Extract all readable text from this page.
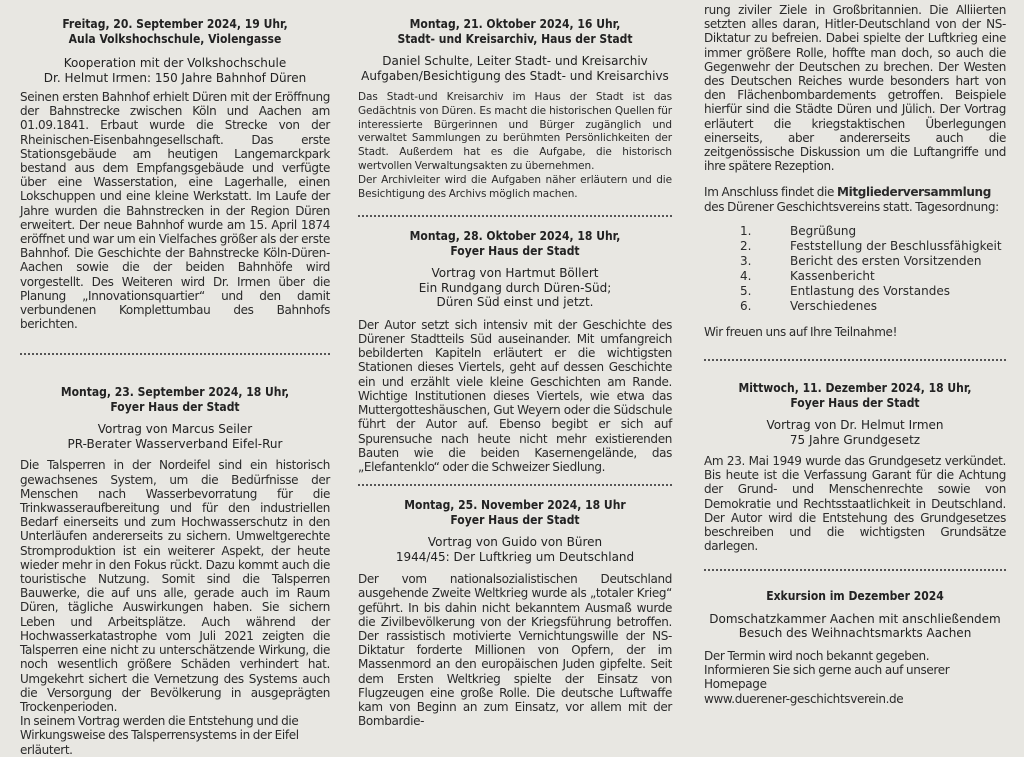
Freitag, 20. September 2024, 19 Uhr,
Aula Volkshochschule, Violengasse
Kooperation mit der Volkshochschule
Dr. Helmut Irmen: 150 Jahre Bahnhof Düren
Seinen ersten Bahnhof erhielt Düren mit der Eröffnung der Bahnstrecke zwischen Köln und Aachen am 01.09.1841. Erbaut wurde die Strecke von der Rheinischen-Eisenbahngesellschaft. Das erste Stationsgebäude am heutigen Langemarckpark bestand aus dem Empfangsgebäude und verfügte über eine Wasserstation, eine Lagerhalle, einen Lokschuppen und eine kleine Werkstatt. Im Laufe der Jahre wurden die Bahnstrecken in der Region Düren erweitert. Der neue Bahnhof wurde am 15. April 1874 eröffnet und war um ein Vielfaches größer als der erste Bahnhof. Die Geschichte der Bahnstrecke Köln-Düren-Aachen sowie die der beiden Bahnhöfe wird vorgestellt. Des Weiteren wird Dr. Irmen über die Planung „Innovationsquartier“ und den damit verbundenen Komplettumbau des Bahnhofs berichten.
Montag, 23. September 2024, 18 Uhr,
Foyer Haus der Stadt
Vortrag von Marcus Seiler
PR-Berater Wasserverband Eifel-Rur
Die Talsperren in der Nordeifel sind ein historisch gewachsenes System, um die Bedürfnisse der Menschen nach Wasserbevorratung für die Trinkwasseraufbereitung und für den industriellen Bedarf einerseits und zum Hochwasserschutz in den Unterläufen andererseits zu sichern. Umweltgerechte Stromproduktion ist ein weiterer Aspekt, der heute wieder mehr in den Fokus rückt. Dazu kommt auch die touristische Nutzung. Somit sind die Talsperren Bauwerke, die auf uns alle, gerade auch im Raum Düren, tägliche Auswirkungen haben. Sie sichern Leben und Arbeitsplätze. Auch während der Hochwasserkatastrophe vom Juli 2021 zeigten die Talsperren eine nicht zu unterschätzende Wirkung, die noch wesentlich größere Schäden verhindert hat. Umgekehrt sichert die Vernetzung des Systems auch die Versorgung der Bevölkerung in ausgeprägten Trockenperioden.
In seinem Vortrag werden die Entstehung und die Wirkungsweise des Talsperrensystems in der Eifel erläutert.
Montag, 21. Oktober 2024, 16 Uhr,
Stadt- und Kreisarchiv, Haus der Stadt
Daniel Schulte, Leiter Stadt- und Kreisarchiv
Aufgaben/Besichtigung des Stadt- und Kreisarchivs
Das Stadt-und Kreisarchiv im Haus der Stadt ist das Gedächtnis von Düren. Es macht die historischen Quellen für interessierte Bürgerinnen und Bürger zugänglich und verwaltet Sammlungen zu berühmten Persönlichkeiten der Stadt. Außerdem hat es die Aufgabe, die historisch wertvollen Verwaltungsakten zu übernehmen.
Der Archivleiter wird die Aufgaben näher erläutern und die Besichtigung des Archivs möglich machen.
Montag, 28. Oktober 2024, 18 Uhr,
Foyer Haus der Stadt
Vortrag von Hartmut Böllert
Ein Rundgang durch Düren-Süd;
Düren Süd einst und jetzt.
Der Autor setzt sich intensiv mit der Geschichte des Dürener Stadtteils Süd auseinander. Mit umfangreich bebilderten Kapiteln erläutert er die wichtigsten Stationen dieses Viertels, geht auf dessen Geschichte ein und erzählt viele kleine Geschichten am Rande. Wichtige Institutionen dieses Viertels, wie etwa das Muttergotteshäuschen, Gut Weyern oder die Südschule führt der Autor auf. Ebenso begibt er sich auf Spurensuche nach heute nicht mehr existierenden Bauten wie die beiden Kasernengelände, das „Elefantenklo“ oder die Schweizer Siedlung.
Montag, 25. November 2024, 18 Uhr
Foyer Haus der Stadt
Vortrag von Guido von Büren
1944/45: Der Luftkrieg um Deutschland
Der vom nationalsozialistischen Deutschland ausgehende Zweite Weltkrieg wurde als „totaler Krieg“ geführt. In bis dahin nicht bekanntem Ausmaß wurde die Zivilbevölkerung von der Kriegsführung betroffen. Der rassistisch motivierte Vernichtungswille der NS-Diktatur forderte Millionen von Opfern, der im Massenmord an den europäischen Juden gipfelte. Seit dem Ersten Weltkrieg spielte der Einsatz von Flugzeugen eine große Rolle. Die deutsche Luftwaffe kam von Beginn an zum Einsatz, vor allem mit der Bombardie-
rung ziviler Ziele in Großbritannien. Die Alliierten setzten alles daran, Hitler-Deutschland von der NS-Diktatur zu befreien. Dabei spielte der Luftkrieg eine immer größere Rolle, hoffte man doch, so auch die Gegenwehr der Deutschen zu brechen. Der Westen des Deutschen Reiches wurde besonders hart von den Flächenbombardements getroffen. Beispiele hierfür sind die Städte Düren und Jülich. Der Vortrag erläutert die kriegstaktischen Überlegungen einerseits, aber andererseits auch die zeitgenössische Diskussion um die Luftangriffe und ihre spätere Rezeption.
Im Anschluss findet die Mitgliederversammlung des Dürener Geschichtsvereins statt. Tagesordnung:
1.	Begrüßung
2.	Feststellung der Beschlussfähigkeit
3.	Bericht des ersten Vorsitzenden
4.	Kassenbericht
5.	Entlastung des Vorstandes
6.	Verschiedenes
Wir freuen uns auf Ihre Teilnahme!
Mittwoch, 11. Dezember 2024, 18 Uhr,
Foyer Haus der Stadt
Vortrag von Dr. Helmut Irmen
75 Jahre Grundgesetz
Am 23. Mai 1949 wurde das Grundgesetz verkündet. Bis heute ist die Verfassung Garant für die Achtung der Grund- und Menschenrechte sowie von Demokratie und Rechtsstaatlichkeit in Deutschland. Der Autor wird die Entstehung des Grundgesetzes beschreiben und die wichtigsten Grundsätze darlegen.
Exkursion im Dezember 2024
Domschatzkammer Aachen mit anschließendem
Besuch des Weihnachtsmarkts Aachen
Der Termin wird noch bekannt gegeben.
Informieren Sie sich gerne auch auf unserer Homepage
www.duerener-geschichtsverein.de
